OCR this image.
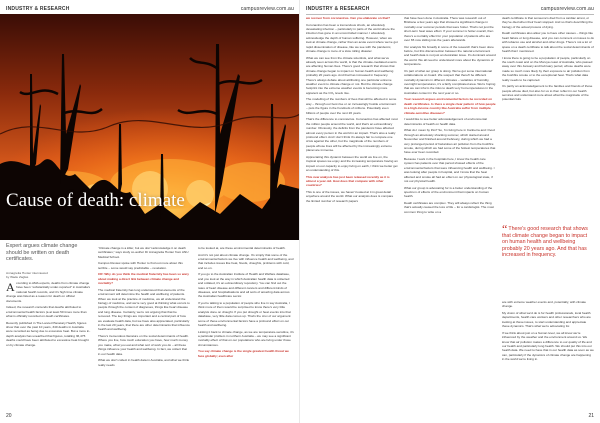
INDUSTRY & RESEARCH	campusreview.com.au
Cause of death: climate
Expert argues climate change should be written on death certificates.
Annagretta Hunter interviewed
by Wade Zaglas

According to AMA experts, deaths from climate change have been “substantially under-reported” in Australia's national health records, and it's high time climate change was listed as a reason for death on official documents.

Indeed, the research contends that deaths attributed to environmental health factors (a at least 50 times more than what is officially recorded on death certificates.

Recently published in The Lancet Planetary Health, figures show that over the past 10 years, 340 deaths in Australia were recorded as being due to excessive heat. But a more in-depth analysis has unearthed that figures, totalling 36,475 deaths could have been attributed to excessive heat brought on by climate change.

“Climate change is a killer, but we don't acknowledge it on death certificates,” says study co-author Dr Annagretta Hunter from ANU Medical School.

Campus Review spoke with Hunter to find out more about this terrible – some would say predictable – revelation.

CR: Why do you think the medical fraternity has been so wary about making a direct link between climate change and mortality?

The medical fraternity has long understood that elements of the environment will determine the health and wellbeing of patients. When we look at the practice of medicine, we all understand the biology of medicine, and we're very good at thinking what occurs to people through the context of diagnoses, things like heart disease and lung disease. Certainly, we're not arguing that that be removed. The key things are important and a central part of how we evaluate health data, but we have also appreciated, particularly in the last 20 years, that there are other determinants that influence health and wellbeing.

There's tremendous literature on the social determinants of health. Where you live, how much education you have, how much money you make, what you eat and what sort of work you do – all these things influence your health and wellbeing. In fact, we collect that in our health data.

What we don't collect in health data in Australia, and what we think really needs

to be looked at, are these environmental determinants of health.

And it's not just about climate change. It's simply that some of the environmental factors we live with influence health and wellbeing, and that includes issues like heat, floods, droughts, problems with cold, and so on.

If you go to the Australian Institute of Health and Welfare database, and you look at the way in which Australian health data is collected and collated, it's an extraordinary repository. You can find out the rates of heart disease and different cancers and different kinds of diseases, and hospitalisations and all sorts of amazing data across the Australian healthcare sector.

If you're talking to a population of people who live in say Australia, I think more of them would be surprised to know there's very little analysis done on drought. If you put drought or heat events into that database, very little data comes up. That's the crux of our argument: some of these environmental factors have a profound effect on our health and wellbeing.

Linking it back to climate change, as we are temperature-sensitive, it's a particular problem in northern Australia – we may see a significant mortality effect of that on our populations who are living under those circumstances.

You say climate change is the single greatest health threat we face globally; even after

20
INDUSTRY & RESEARCH	campusreview.com.au

we recover from coronavirus. Can you elaborate on that?

Coronavirus has been a tremendous shock, an absolutely devastating infection – particularly in parts of the world where the infection has gone in an uncontrolled manner. I absolutely acknowledge the depth of human suffering. However, when we look at climate change, rather than an acute event where we've got rapid dissemination of disease, like we see with the pandemic, climate change is more of a slow rolling disaster.

What we can see from the climate scientists, and what we've already seen across the world, is that the climate-mediated events are affecting human lives. There's good research that shows that climate change began to impact on human health and wellbeing probably 20 years ago. And that has increased in frequency. There's always debate about attributing one particular extreme weather event to climate change or not. But the climate change footprint into the extreme weather events is becoming more apparent as the CO₂ levels rise.

The modelling of the numbers of lives that will be affected in some way – through our best rise or on increasingly hostile environment – puts the figure in the hundreds of millions. Potentially even billions of people over the next 20 years.

That's the difference to coronavirus. Coronavirus has affected most the million people around the world, and that's an extraordinary number. Obviously, the deficits from the pandemic have affected almost every person in the world in an impact. That's also a really profound effect. And I don't think it's always fair to compare one crisis against the other, but the magnitude of the numbers of people whose lives will be affected by the increasingly extreme planet are immense.

Appreciating this dynamic between the world we live on, the tropical spaces we enjoy and the increasing temperature having an impact on our capacity to enjoy living on earth, I think we better get an understanding of this.

This new analysis has just been released recently as it is almost a year old. How does that compare with other countries?

This is one of the issues, we haven't looked at it in great detail anywhere around the world. What our analysis does is compare the limited number of research papers

that have been done in Australia. There was research out of Brisbane a few years ago that showed a significant change in mortality over summer periods that were hotter. That's not just the short-term heat wave effect. If your summer is hotter overall, then there's a mortality effect for your population of patients who are over 65 now sliding into the years afterwards.

Our analysis fits broadly in some of the research that's been done before, but this disconnection between the natural environment and health data is not just an Australian issue. It's dominant around the world. We all need to understand more about the dynamics of temperature.

It's part of what our group is doing. We've got some international collaborations on board. We suspect that there'll be different mortality dynamics in different climates – variables of humidity, overnight temperatures, it's a fairly complicated area. We're hoping that we can inform the risks to death very hot temperatures in the Australian context in the next year or so.

Your research argues environmental factors be recorded on death certificates. Is there a single clear pattern of how people in a high-income country like Australia suffer from multiple climate-sensitive diseases?

I would like to see better acknowledgement of environmental determinants of health on health data.

What do I mean by this? So, I'm living here in Canberra and I lived through an absolutely shocking summer, which started around November and finished around February, during which we had a very prolonged period of hazardous air pollution from the bushfire smoke, during which we had some of the hottest temperatures that have ever been recorded.

Because I work in the hospitals here, I know the health care system has patients over that period showed effects of the environmental factors that were influencing health and wellbeing. I was looking after people in hospital, and I know that the heat affected and smoke all had an effect on our physiological state, if not our physical health.

What our group is advocating for is a better understanding of the spectrum of effects of the environment that impacts on human health.

Death certificates are complex. They will always reflect the thing that's actually caused the loss of life – for a cardiologist. The most common thing to write on a

death certificate is that someone's died from a cardiac arrest, or they've died when their heart stopped. And so that's describing the biology of the actual process of dying.

Death certificates also allow you to have other causes – things like heart failure or lung disease, and you can comment on issues to do with tobacco use and alcohol and other drugs. There's not a lot of space on a death certificate to talk about the social determinants of health that I mentioned.

I know there is going to be a population of people, particularly on the south coast and on the Moruya coast of Australia, who passed away over this January and February period, whose deaths were made so much more likely by their exposure to air pollution from the bushfire smoke or to the exceptional heat. That's what data really needs to be captured.

It's partly an acknowledgement to the families and friends of those people whose died, but also for us to then reflect in our health services and understand more about what the magnitude of the potential risks

“There's good research that shows that climate change began to impact on human health and wellbeing probably 20 years ago. And that has increased in frequency.

are with extreme weather events and, potentially, with climate change.

My vision of what we'd do is for health professionals, local health departments, health care workers and other researchers who are looking at these issues, to start understanding and appreciate these dynamics. That's what we're advocating for.

If we think about just on a human level, we all know we're influenced by the weather and the environment around us. We know that air pollution makes a difference to our quality of life and our health and particularly lung health. We should put this into our health data. We need to have that in our health data as soon as we can, particularly if the dynamics of climate change are happening in the world we're living in.

21
